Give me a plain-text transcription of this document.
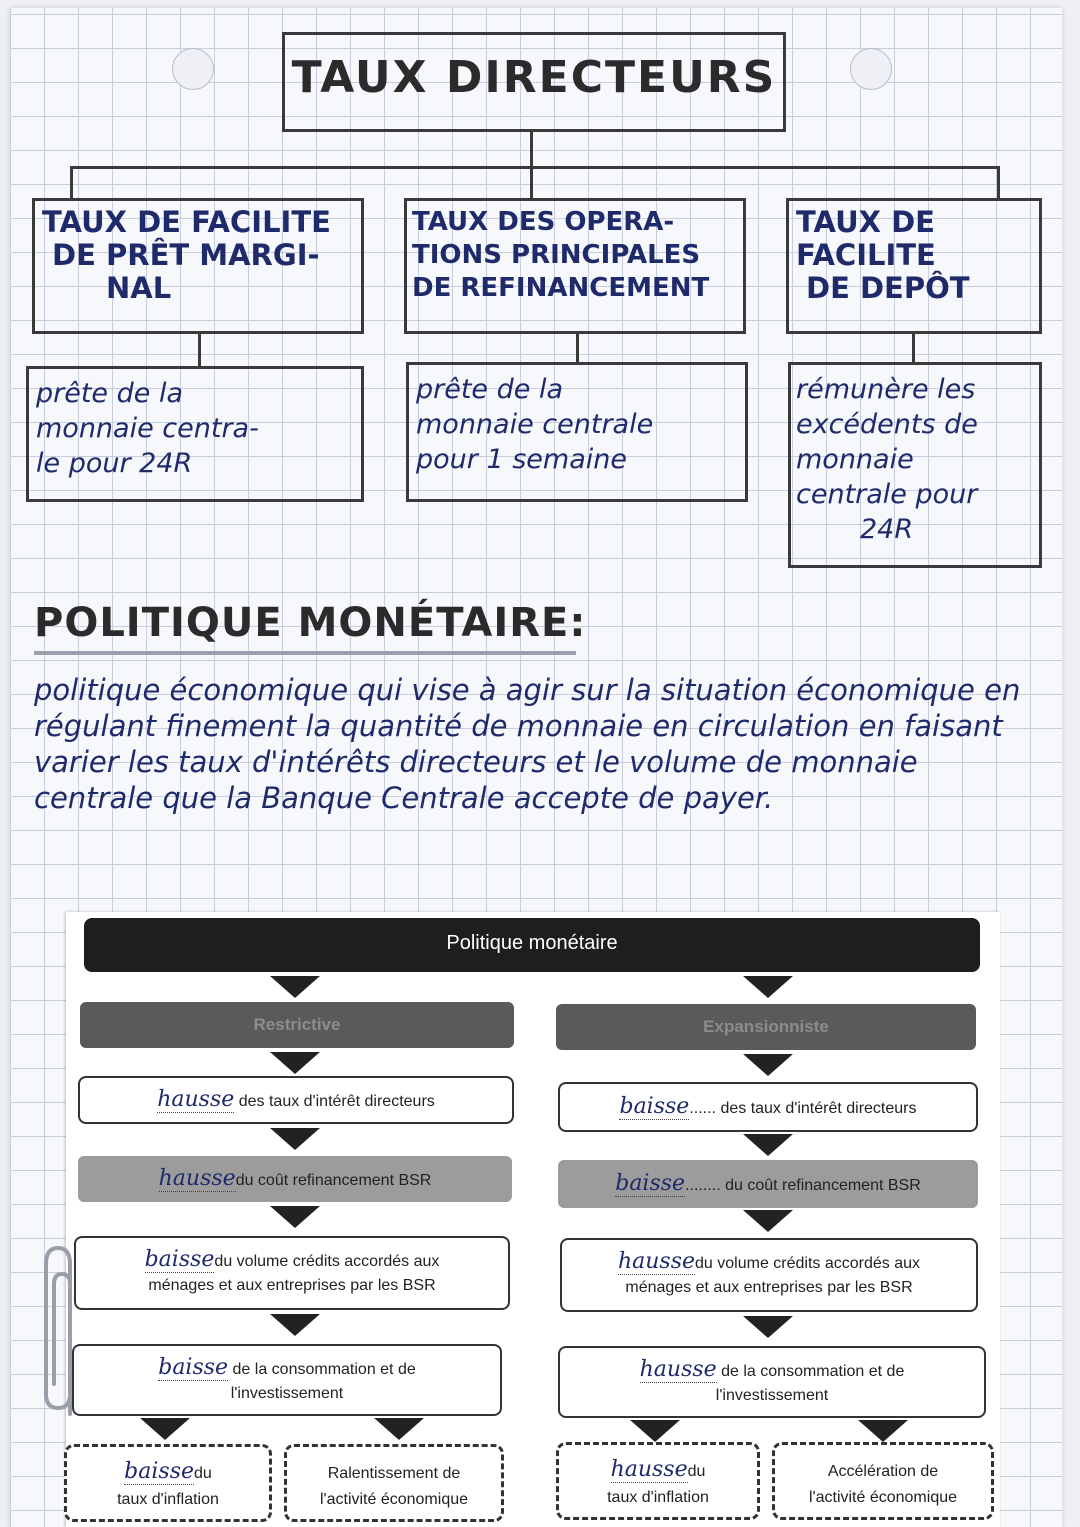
TAUX DIRECTEURS
TAUX DE FACILITE
DE PRÊT MARGI-
NAL
TAUX DES OPERA-
TIONS PRINCIPALES
DE REFINANCEMENT
TAUX DE
FACILITE
DE DEPÔT
prête de la
monnaie centra-
le pour 24R
prête de la
monnaie centrale
pour 1 semaine
rémunère les
excédents de
monnaie
centrale pour
24R
POLITIQUE MONÉTAIRE:
politique économique qui vise à agir sur la situation économique en régulant finement la quantité de monnaie en circulation en faisant varier les taux d'intérêts directeurs et le volume de monnaie centrale que la Banque Centrale accepte de payer.
Politique monétaire
Restrictive
hausse des taux d'intérêt directeurs
haussedu coût refinancement BSR
baissedu volume crédits accordés aux
ménages et aux entreprises par les BSR
baisse de la consommation et de
l'investissement
baissedu
taux d'inflation
Ralentissement de
l'activité économique
Expansionniste
baisse...... des taux d'intérêt directeurs
baisse........ du coût refinancement BSR
haussedu volume crédits accordés aux
ménages et aux entreprises par les BSR
hausse de la consommation et de
l'investissement
haussedu
taux d'inflation
Accélération de
l'activité économique
